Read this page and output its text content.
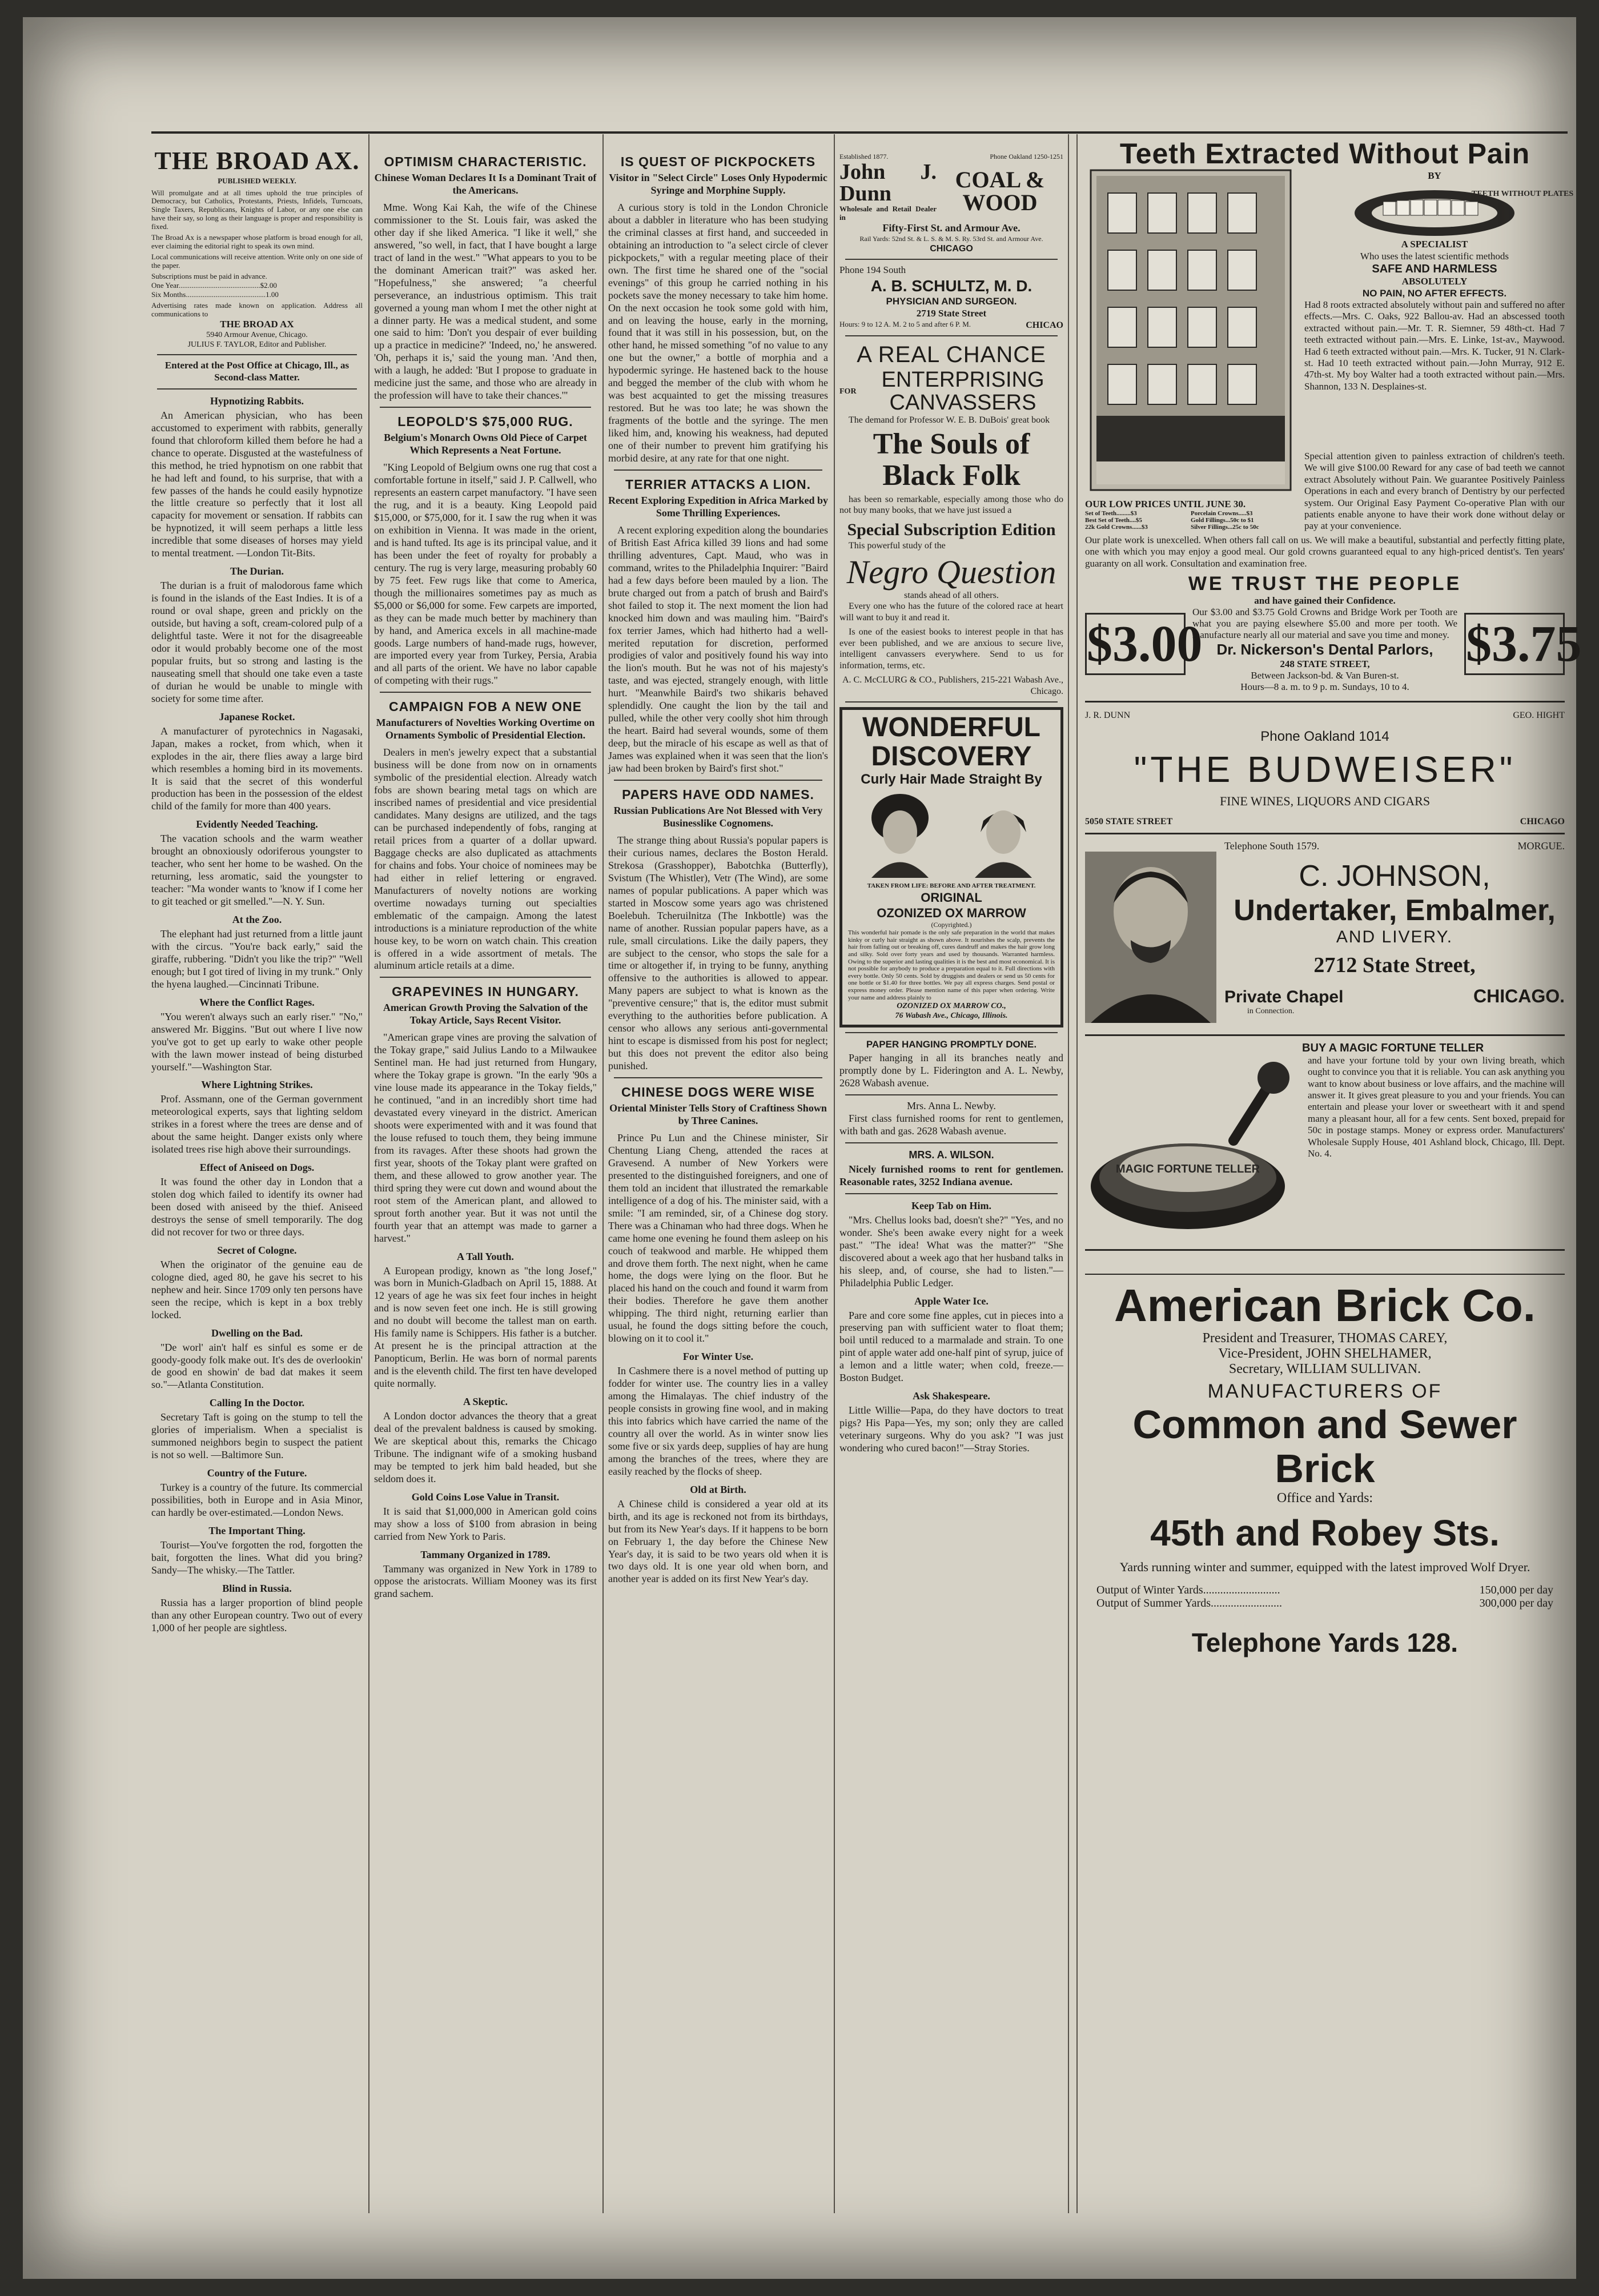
THE BROAD AX.
PUBLISHED WEEKLY.
Will promulgate and at all times uphold the true principles of Democracy, but Catholics, Protestants, Priests, Infidels, Turncoats, Single Taxers, Republicans, Knights of Labor, or any one else can have their say, so long as their language is proper and responsibility is fixed.
The Broad Ax is a newspaper whose platform is broad enough for all, ever claiming the editorial right to speak its own mind.
Local communications will receive attention. Write only on one side of the paper.
Subscriptions must be paid in advance.
One Year............................................$2.00
Six Months...........................................1.00
Advertising rates made known on application. Address all communications to
THE BROAD AX
5940 Armour Avenue, Chicago.
JULIUS F. TAYLOR, Editor and Publisher.
Entered at the Post Office at Chicago, Ill., as Second-class Matter.
Hypnotizing Rabbits.

An American physician, who has been accustomed to experiment with rabbits, generally found that chloroform killed them before he had a chance to operate. Disgusted at the wastefulness of this method, he tried hypnotism on one rabbit that he had left and found, to his surprise, that with a few passes of the hands he could easily hypnotize the little creature so perfectly that it lost all capacity for movement or sensation. If rabbits can be hypnotized, it will seem perhaps a little less incredible that some diseases of horses may yield to mental treatment. —London Tit-Bits.

The Durian.

The durian is a fruit of malodorous fame which is found in the islands of the East Indies. It is of a round or oval shape, green and prickly on the outside, but having a soft, cream-colored pulp of a delightful taste. Were it not for the disagreeable odor it would probably become one of the most popular fruits, but so strong and lasting is the nauseating smell that should one take even a taste of durian he would be unable to mingle with society for some time after.

Japanese Rocket.

A manufacturer of pyrotechnics in Nagasaki, Japan, makes a rocket, from which, when it explodes in the air, there flies away a large bird which resembles a homing bird in its movements. It is said that the secret of this wonderful production has been in the possession of the eldest child of the family for more than 400 years.

Evidently Needed Teaching.

The vacation schools and the warm weather brought an obnoxiously odoriferous youngster to teacher, who sent her home to be washed. On the returning, less aromatic, said the youngster to teacher: "Ma wonder wants to 'know if I come her to git teached or git smelled."—N. Y. Sun.

At the Zoo.

The elephant had just returned from a little jaunt with the circus. "You're back early," said the giraffe, rubbering. "Didn't you like the trip?" "Well enough; but I got tired of living in my trunk." Only the hyena laughed.—Cincinnati Tribune.

Where the Conflict Rages.

"You weren't always such an early riser." "No," answered Mr. Biggins. "But out where I live now you've got to get up early to wake other people with the lawn mower instead of being disturbed yourself."—Washington Star.

Where Lightning Strikes.

Prof. Assmann, one of the German government meteorological experts, says that lighting seldom strikes in a forest where the trees are dense and of about the same height. Danger exists only where isolated trees rise high above their surroundings.

Effect of Aniseed on Dogs.

It was found the other day in London that a stolen dog which failed to identify its owner had been dosed with aniseed by the thief. Aniseed destroys the sense of smell temporarily. The dog did not recover for two or three days.

Secret of Cologne.

When the originator of the genuine eau de cologne died, aged 80, he gave his secret to his nephew and heir. Since 1709 only ten persons have seen the recipe, which is kept in a box trebly locked.

Dwelling on the Bad.

"De worl' ain't half es sinful es some er de goody-goody folk make out. It's des de overlookin' de good en showin' de bad dat makes it seem so."—Atlanta Constitution.

Calling In the Doctor.

Secretary Taft is going on the stump to tell the glories of imperialism. When a specialist is summoned neighbors begin to suspect the patient is not so well. —Baltimore Sun.

Country of the Future.

Turkey is a country of the future. Its commercial possibilities, both in Europe and in Asia Minor, can hardly be over-estimated.—London News.

The Important Thing.

Tourist—You've forgotten the rod, forgotten the bait, forgotten the lines. What did you bring? Sandy—The whisky.—The Tattler.

Blind in Russia.

Russia has a larger proportion of blind people than any other European country. Two out of every 1,000 of her people are sightless.

OPTIMISM CHARACTERISTIC.
Chinese Woman Declares It Is a Dominant Trait of the Americans.

Mme. Wong Kai Kah, the wife of the Chinese commissioner to the St. Louis fair, was asked the other day if she liked America. "I like it well," she answered, "so well, in fact, that I have bought a large tract of land in the west." "What appears to you to be the dominant American trait?" was asked her. "Hopefulness," she answered; "a cheerful perseverance, an industrious optimism. This trait governed a young man whom I met the other night at a dinner party. He was a medical student, and some one said to him: 'Don't you despair of ever building up a practice in medicine?' 'Indeed, no,' he answered. 'Oh, perhaps it is,' said the young man. 'And then, with a laugh, he added: 'But I propose to graduate in medicine just the same, and those who are already in the profession will have to take their chances.'"

LEOPOLD'S $75,000 RUG.
Belgium's Monarch Owns Old Piece of Carpet Which Represents a Neat Fortune.

"King Leopold of Belgium owns one rug that cost a comfortable fortune in itself," said J. P. Callwell, who represents an eastern carpet manufactory. "I have seen the rug, and it is a beauty. King Leopold paid $15,000, or $75,000, for it. I saw the rug when it was on exhibition in Vienna. It was made in the orient, and is hand tufted. Its age is its principal value, and it has been under the feet of royalty for probably a century. The rug is very large, measuring probably 60 by 75 feet. Few rugs like that come to America, though the millionaires sometimes pay as much as $5,000 or $6,000 for some. Few carpets are imported, as they can be made much better by machinery than by hand, and America excels in all machine-made goods. Large numbers of hand-made rugs, however, are imported every year from Turkey, Persia, Arabia and all parts of the orient. We have no labor capable of competing with their rugs."

CAMPAIGN FOB A NEW ONE
Manufacturers of Novelties Working Overtime on Ornaments Symbolic of Presidential Election.

Dealers in men's jewelry expect that a substantial business will be done from now on in ornaments symbolic of the presidential election. Already watch fobs are shown bearing metal tags on which are inscribed names of presidential and vice presidential candidates. Many designs are utilized, and the tags can be purchased independently of fobs, ranging at retail prices from a quarter of a dollar upward. Baggage checks are also duplicated as attachments for chains and fobs. Your choice of nominees may be had either in relief lettering or engraved. Manufacturers of novelty notions are working overtime nowadays turning out specialties emblematic of the campaign. Among the latest introductions is a miniature reproduction of the white house key, to be worn on watch chain. This creation is offered in a wide assortment of metals. The aluminum article retails at a dime.

GRAPEVINES IN HUNGARY.
American Growth Proving the Salvation of the Tokay Article, Says Recent Visitor.

"American grape vines are proving the salvation of the Tokay grape," said Julius Lando to a Milwaukee Sentinel man. He had just returned from Hungary, where the Tokay grape is grown. "In the early '90s a vine louse made its appearance in the Tokay fields," he continued, "and in an incredibly short time had devastated every vineyard in the district. American shoots were experimented with and it was found that the louse refused to touch them, they being immune from its ravages. After these shoots had grown the first year, shoots of the Tokay plant were grafted on them, and these allowed to grow another year. The third spring they were cut down and wound about the root stem of the American plant, and allowed to sprout forth another year. But it was not until the fourth year that an attempt was made to garner a harvest."

A Tall Youth.

A European prodigy, known as "the long Josef," was born in Munich-Gladbach on April 15, 1888. At 12 years of age he was six feet four inches in height and is now seven feet one inch. He is still growing and no doubt will become the tallest man on earth. His family name is Schippers. His father is a butcher. At present he is the principal attraction at the Panopticum, Berlin. He was born of normal parents and is the eleventh child. The first ten have developed quite normally.

A Skeptic.

A London doctor advances the theory that a great deal of the prevalent baldness is caused by smoking. We are skeptical about this, remarks the Chicago Tribune. The indignant wife of a smoking husband may be tempted to jerk him bald headed, but she seldom does it.

Gold Coins Lose Value in Transit.

It is said that $1,000,000 in American gold coins may show a loss of $100 from abrasion in being carried from New York to Paris.

Tammany Organized in 1789.

Tammany was organized in New York in 1789 to oppose the aristocrats. William Mooney was its first grand sachem.

IS QUEST OF PICKPOCKETS
Visitor in "Select Circle" Loses Only Hypodermic Syringe and Morphine Supply.

A curious story is told in the London Chronicle about a dabbler in literature who has been studying the criminal classes at first hand, and succeeded in obtaining an introduction to "a select circle of clever pickpockets," with a regular meeting place of their own. The first time he shared one of the "social evenings" of this group he carried nothing in his pockets save the money necessary to take him home. On the next occasion he took some gold with him, and on leaving the house, early in the morning, found that it was still in his possession, but, on the other hand, he missed something "of no value to any one but the owner," a bottle of morphia and a hypodermic syringe. He hastened back to the house and begged the member of the club with whom he was best acquainted to get the missing treasures restored. But he was too late; he was shown the fragments of the bottle and the syringe. The men liked him, and, knowing his weakness, had deputed one of their number to prevent him gratifying his morbid desire, at any rate for that one night.

TERRIER ATTACKS A LION.
Recent Exploring Expedition in Africa Marked by Some Thrilling Experiences.

A recent exploring expedition along the boundaries of British East Africa killed 39 lions and had some thrilling adventures, Capt. Maud, who was in command, writes to the Philadelphia Inquirer: "Baird had a few days before been mauled by a lion. The brute charged out from a patch of brush and Baird's shot failed to stop it. The next moment the lion had knocked him down and was mauling him. "Baird's fox terrier James, which had hitherto had a well-merited reputation for discretion, performed prodigies of valor and positively found his way into the lion's mouth. But he was not of his majesty's taste, and was ejected, strangely enough, with little hurt. "Meanwhile Baird's two shikaris behaved splendidly. One caught the lion by the tail and pulled, while the other very coolly shot him through the heart. Baird had several wounds, some of them deep, but the miracle of his escape as well as that of James was explained when it was seen that the lion's jaw had been broken by Baird's first shot."

PAPERS HAVE ODD NAMES.
Russian Publications Are Not Blessed with Very Businesslike Cognomens.

The strange thing about Russia's popular papers is their curious names, declares the Boston Herald. Strekosa (Grasshopper), Babotchka (Butterfly), Svistum (The Whistler), Vetr (The Wind), are some names of popular publications. A paper which was started in Moscow some years ago was christened Boelebuh. Tcheruilnitza (The Inkbottle) was the name of another. Russian popular papers have, as a rule, small circulations. Like the daily papers, they are subject to the censor, who stops the sale for a time or altogether if, in trying to be funny, anything offensive to the authorities is allowed to appear. Many papers are subject to what is known as the "preventive censure;" that is, the editor must submit everything to the authorities before publication. A censor who allows any serious anti-governmental hint to escape is dismissed from his post for neglect; but this does not prevent the editor also being punished.

CHINESE DOGS WERE WISE
Oriental Minister Tells Story of Craftiness Shown by Three Canines.

Prince Pu Lun and the Chinese minister, Sir Chentung Liang Cheng, attended the races at Gravesend. A number of New Yorkers were presented to the distinguished foreigners, and one of them told an incident that illustrated the remarkable intelligence of a dog of his. The minister said, with a smile: "I am reminded, sir, of a Chinese dog story. There was a Chinaman who had three dogs. When he came home one evening he found them asleep on his couch of teakwood and marble. He whipped them and drove them forth. The next night, when he came home, the dogs were lying on the floor. But he placed his hand on the couch and found it warm from their bodies. Therefore he gave them another whipping. The third night, returning earlier than usual, he found the dogs sitting before the couch, blowing on it to cool it."

For Winter Use.

In Cashmere there is a novel method of putting up fodder for winter use. The country lies in a valley among the Himalayas. The chief industry of the people consists in growing fine wool, and in making this into fabrics which have carried the name of the country all over the world. As in winter snow lies some five or six yards deep, supplies of hay are hung among the branches of the trees, where they are easily reached by the flocks of sheep.

Old at Birth.

A Chinese child is considered a year old at its birth, and its age is reckoned not from its birthdays, but from its New Year's days. If it happens to be born on February 1, the day before the Chinese New Year's day, it is said to be two years old when it is two days old. It is one year old when born, and another year is added on its first New Year's day.

Established 1877.	Phone Oakland 1250-1251
John J. Dunn
Wholesale and Retail Dealer in
COAL & WOOD
Fifty-First St. and Armour Ave.
Rail Yards: 52nd St. & L. S. & M. S. Ry. 53rd St. and Armour Ave.
CHICAGO
Phone 194 South
A. B. SCHULTZ, M. D.
PHYSICIAN AND SURGEON.
2719 State Street
Hours: 9 to 12 A. M. 2 to 5 and after 6 P. M.	CHICAO
A REAL CHANCE
FOR	ENTERPRISING CANVASSERS

The demand for Professor W. E. B. DuBois' great book

The Souls of Black Folk

has been so remarkable, especially among those who do not buy many books, that we have just issued a

Special Subscription Edition

This powerful study of the

Negro Question
stands ahead of all others.

Every one who has the future of the colored race at heart will want to buy it and read it.

Is one of the easiest books to interest people in that has ever been published, and we are anxious to secure live, intelligent canvassers everywhere. Send to us for information, terms, etc.

A. C. McCLURG & CO., Publishers, 215-221 Wabash Ave., Chicago.
WONDERFUL DISCOVERY
Curly Hair Made Straight By
TAKEN FROM LIFE: BEFORE AND AFTER TREATMENT.
ORIGINAL
OZONIZED OX MARROW
(Copyrighted.)
This wonderful hair pomade is the only safe preparation in the world that makes kinky or curly hair straight as shown above. It nourishes the scalp, prevents the hair from falling out or breaking off, cures dandruff and makes the hair grow long and silky. Sold over forty years and used by thousands. Warranted harmless. Owing to the superior and lasting qualities it is the best and most economical. It is not possible for anybody to produce a preparation equal to it. Full directions with every bottle. Only 50 cents. Sold by druggists and dealers or send us 50 cents for one bottle or $1.40 for three bottles. We pay all express charges. Send postal or express money order. Please mention name of this paper when ordering. Write your name and address plainly to
OZONIZED OX MARROW CO.,
76 Wabash Ave., Chicago, Illinois.
PAPER HANGING PROMPTLY DONE.

Paper hanging in all its branches neatly and promptly done by L. Fiderington and A. L. Newby, 2628 Wabash avenue.

Mrs. Anna L. Newby.

First class furnished rooms for rent to gentlemen, with bath and gas. 2628 Wabash avenue.

MRS. A. WILSON.

Nicely furnished rooms to rent for gentlemen. Reasonable rates, 3252 Indiana avenue.

Keep Tab on Him.

"Mrs. Chellus looks bad, doesn't she?" "Yes, and no wonder. She's been awake every night for a week past." "The idea! What was the matter?" "She discovered about a week ago that her husband talks in his sleep, and, of course, she had to listen."—Philadelphia Public Ledger.

Apple Water Ice.

Pare and core some fine apples, cut in pieces into a preserving pan with sufficient water to float them; boil until reduced to a marmalade and strain. To one pint of apple water add one-half pint of syrup, juice of a lemon and a little water; when cold, freeze.—Boston Budget.

Ask Shakespeare.

Little Willie—Papa, do they have doctors to treat pigs? His Papa—Yes, my son; only they are called veterinary surgeons. Why do you ask? "I was just wondering who cured bacon!"—Stray Stories.

Teeth Extracted Without Pain
OUR LOW PRICES UNTIL JUNE 30.
Set of Teeth.........$3	Porcelain Crowns.....$3
Best Set of Teeth....$5	Gold Fillings...50c to $1
22k Gold Crowns......$3	Silver Fillings...25c to 50c
BY
TEETH WITHOUT PLATES
A SPECIALIST
Who uses the latest scientific methods
SAFE AND HARMLESS
ABSOLUTELY
NO PAIN, NO AFTER EFFECTS.
Had 8 roots extracted absolutely without pain and suffered no after effects.—Mrs. C. Oaks, 922 Ballou-av. Had an abscessed tooth extracted without pain.—Mr. T. R. Siemner, 59 48th-ct. Had 7 teeth extracted without pain.—Mrs. E. Linke, 1st-av., Maywood. Had 6 teeth extracted without pain.—Mrs. K. Tucker, 91 N. Clark-st. Had 10 teeth extracted without pain.—John Murray, 912 E. 47th-st. My boy Walter had a tooth extracted without pain.—Mrs. Shannon, 133 N. Desplaines-st.
Special attention given to painless extraction of children's teeth. We will give $100.00 Reward for any case of bad teeth we cannot extract Absolutely without Pain. We guarantee Positively Painless Operations in each and every branch of Dentistry by our perfected system. Our Original Easy Payment Co-operative Plan with our patients enable anyone to have their work done without delay or pay at your convenience.
Our plate work is unexcelled. When others fall call on us. We will make a beautiful, substantial and perfectly fitting plate, one with which you may enjoy a good meal. Our gold crowns guaranteed equal to any high-priced dentist's. Ten years' guaranty on all work. Consultation and examination free.
WE TRUST THE PEOPLE
$3.00
and have gained their Confidence.
Our $3.00 and $3.75 Gold Crowns and Bridge Work per Tooth are what you are paying elsewhere $5.00 and more per tooth. We manufacture nearly all our material and save you time and money.
Dr. Nickerson's Dental Parlors,
248 STATE STREET,
Between Jackson-bd. & Van Buren-st.
Hours—8 a. m. to 9 p. m. Sundays, 10 to 4.
$3.75
J. R. DUNN	GEO. HIGHT
Phone Oakland 1014
"THE BUDWEISER"
FINE WINES, LIQUORS AND CIGARS
5050 STATE STREET	CHICAGO
Telephone South 1579.	MORGUE.
C. JOHNSON,
Undertaker, Embalmer,
AND LIVERY.
2712 State Street,
Private Chapel	CHICAGO.
in Connection.
BUY A MAGIC FORTUNE TELLER
MAGIC FORTUNE TELLER
and have your fortune told by your own living breath, which ought to convince you that it is reliable. You can ask anything you want to know about business or love affairs, and the machine will answer it. It gives great pleasure to you and your friends. You can entertain and please your lover or sweetheart with it and spend many a pleasant hour, all for a few cents. Sent boxed, prepaid for 50c in postage stamps. Money or express order. Manufacturers' Wholesale Supply House, 401 Ashland block, Chicago, Ill. Dept. No. 4.
American Brick Co.
President and Treasurer, THOMAS CAREY,
Vice-President, JOHN SHELHAMER,
Secretary, WILLIAM SULLIVAN.
MANUFACTURERS OF
Common and Sewer Brick
Office and Yards:
45th and Robey Sts.
Yards running winter and summer, equipped with the latest improved Wolf Dryer.
Output of Winter Yards...........................	150,000 per day
Output of Summer Yards.........................	300,000 per day
Telephone Yards 128.
